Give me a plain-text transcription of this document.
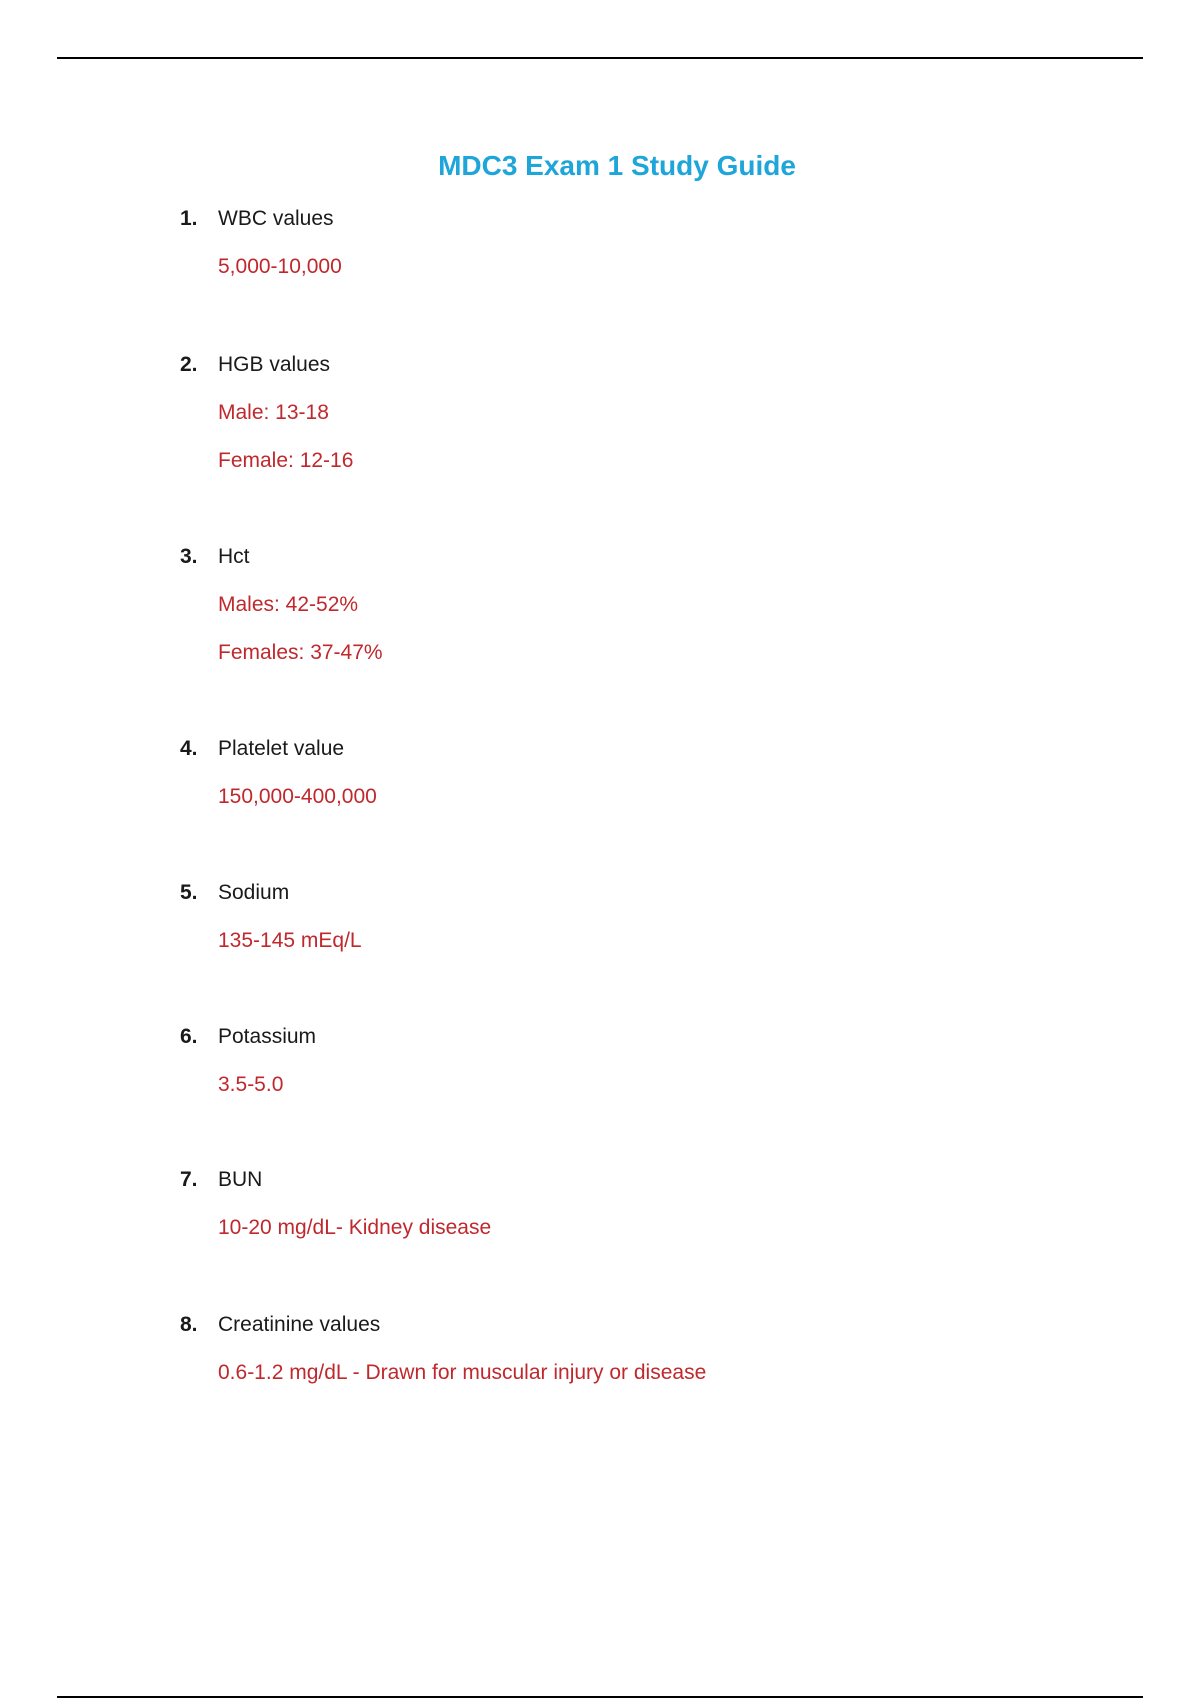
MDC3 Exam 1 Study Guide
1. WBC values
5,000-10,000
2. HGB values
Male: 13-18
Female: 12-16
3. Hct
Males: 42-52%
Females: 37-47%
4. Platelet value
150,000-400,000
5. Sodium
135-145 mEq/L
6. Potassium
3.5-5.0
7. BUN
10-20 mg/dL- Kidney disease
8. Creatinine values
0.6-1.2 mg/dL - Drawn for muscular injury or disease
